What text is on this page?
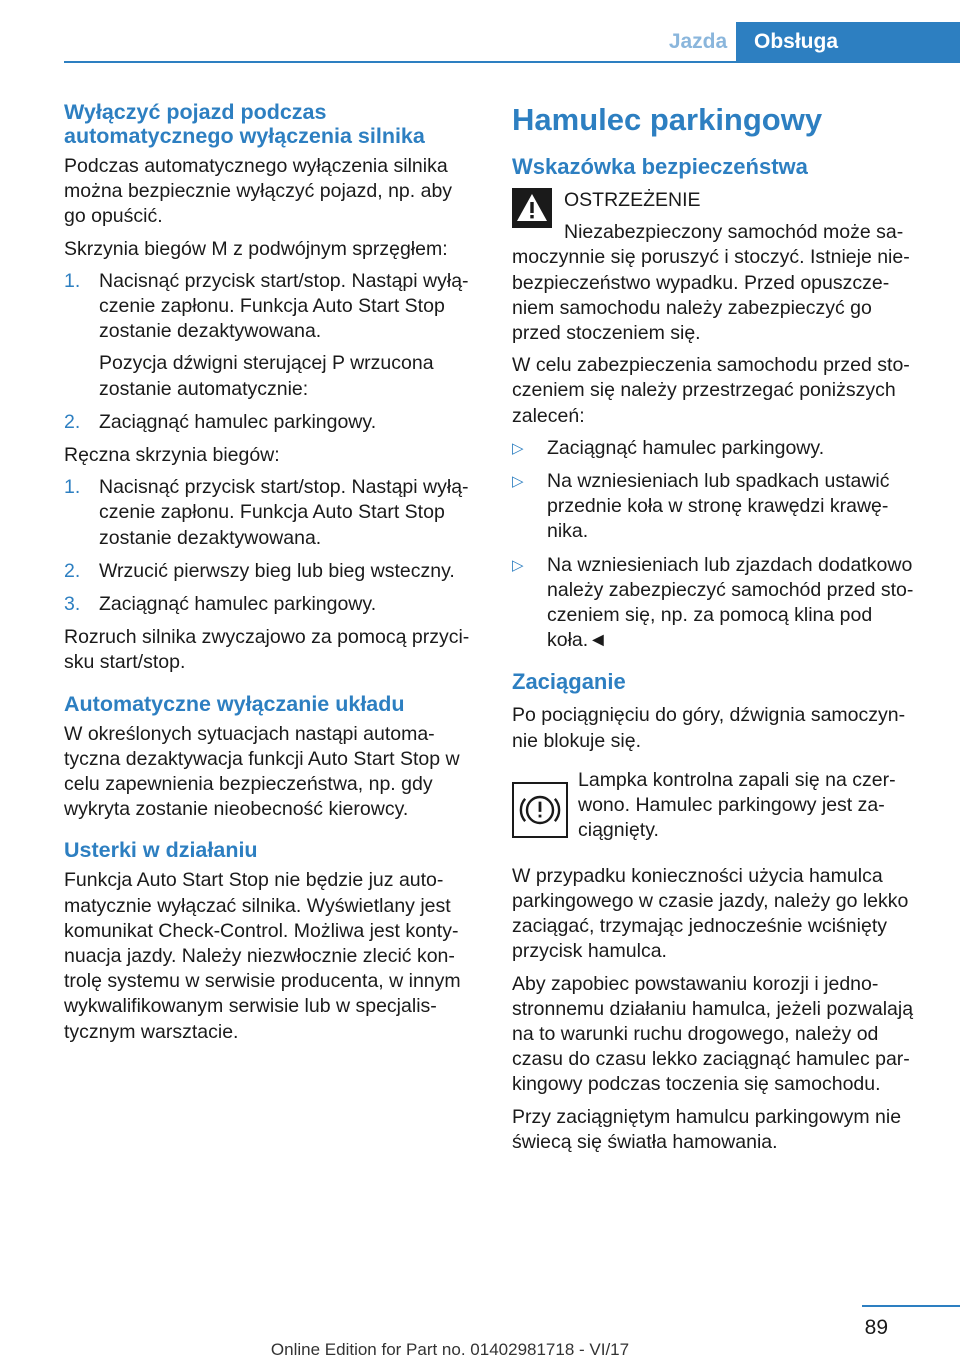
Jazda	Obsługa
Wyłączyć pojazd podczas automatycznego wyłączenia silnika

Podczas automatycznego wyłączenia silnika można bezpiecznie wyłączyć pojazd, np. aby go opuścić.

Skrzynia biegów M z podwójnym sprzęgłem:

1. Nacisnąć przycisk start/stop. Nastąpi wyłą‐czenie zapłonu. Funkcja Auto Start Stop zostanie dezaktywowana.
Pozycja dźwigni sterującej P wrzucona zostanie automatycznie:
2. Zaciągnąć hamulec parkingowy.

Ręczna skrzynia biegów:

1. Nacisnąć przycisk start/stop. Nastąpi wyłą‐czenie zapłonu. Funkcja Auto Start Stop zostanie dezaktywowana.
2. Wrzucić pierwszy bieg lub bieg wsteczny.
3. Zaciągnąć hamulec parkingowy.

Rozruch silnika zwyczajowo za pomocą przyci‐sku start/stop.

Automatyczne wyłączanie układu

W określonych sytuacjach nastąpi automa‐tyczna dezaktywacja funkcji Auto Start Stop w celu zapewnienia bezpieczeństwa, np. gdy wykryta zostanie nieobecność kierowcy.

Usterki w działaniu

Funkcja Auto Start Stop nie będzie juz auto‐matycznie wyłączać silnika. Wyświetlany jest komunikat Check-Control. Możliwa jest konty‐nuacja jazdy. Należy niezwłocznie zlecić kon‐trolę systemu w serwisie producenta, w innym wykwalifikowanym serwisie lub w specjalis‐tycznym warsztacie.

Hamulec parkingowy
Wskazówka bezpieczeństwa
OSTRZEŻENIE

Niezabezpieczony samochód może sa‐moczynnie się poruszyć i stoczyć. Istnieje nie‐bezpieczeństwo wypadku. Przed opuszcze‐niem samochodu należy zabezpieczyć go przed stoczeniem się.

W celu zabezpieczenia samochodu przed sto‐czeniem się należy przestrzegać poniższych zaleceń:

▷ Zaciągnąć hamulec parkingowy.
▷ Na wzniesieniach lub spadkach ustawić przednie koła w stronę krawędzi krawę‐nika.
▷ Na wzniesieniach lub zjazdach dodatkowo należy zabezpieczyć samochód przed sto‐czeniem się, np. za pomocą klina pod koła.◄
Zaciąganie

Po pociągnięciu do góry, dźwignia samoczyn‐nie blokuje się.

Lampka kontrolna zapali się na czer‐wono. Hamulec parkingowy jest za‐ciągnięty.

W przypadku konieczności użycia hamulca parkingowego w czasie jazdy, należy go lekko zaciągać, trzymając jednocześnie wciśnięty przycisk hamulca.

Aby zapobiec powstawaniu korozji i jedno‐stronnemu działaniu hamulca, jeżeli pozwalają na to warunki ruchu drogowego, należy od czasu do czasu lekko zaciągnąć hamulec par‐kingowy podczas toczenia się samochodu.

Przy zaciągniętym hamulcu parkingowym nie świecą się światła hamowania.

89
Online Edition for Part no. 01402981718 - VI/17
